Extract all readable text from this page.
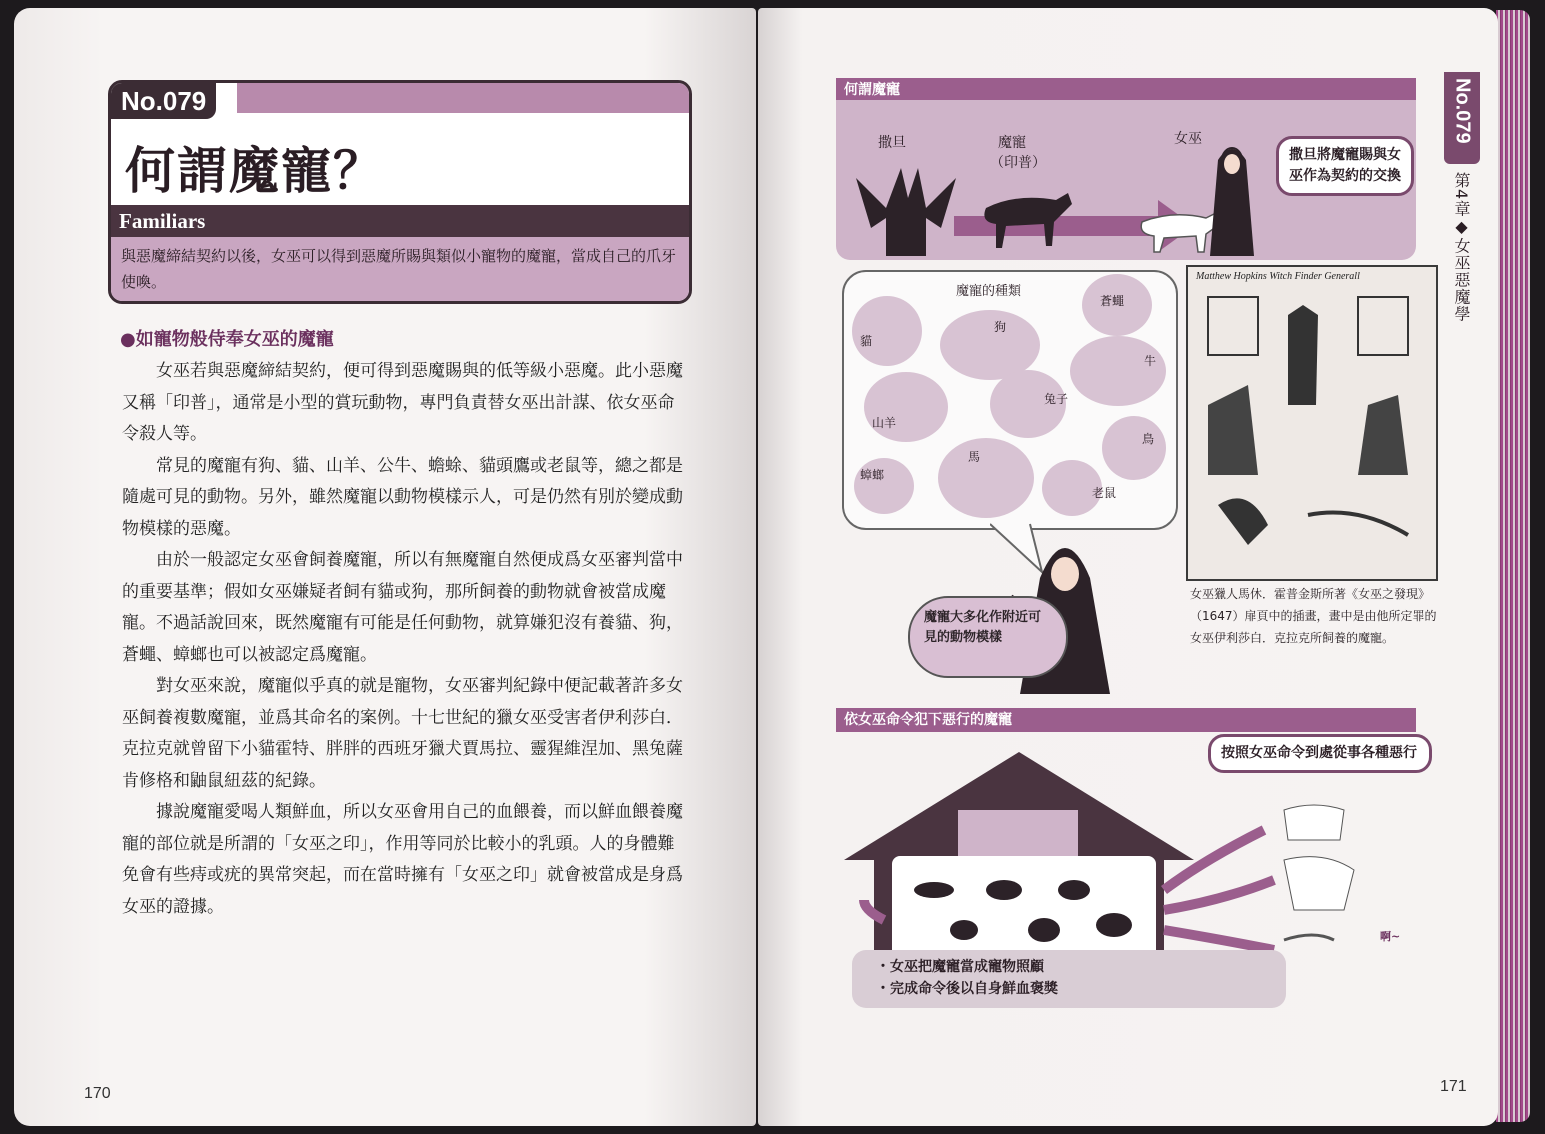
No.079
何謂魔寵？
Familiars
與惡魔締結契約以後，女巫可以得到惡魔所賜與類似小寵物的魔寵，當成自己的爪牙使喚。
●如寵物般侍奉女巫的魔寵

女巫若與惡魔締結契約，便可得到惡魔賜與的低等級小惡魔。此小惡魔又稱「印普」，通常是小型的賞玩動物，專門負責替女巫出計謀、依女巫命令殺人等。

常見的魔寵有狗、貓、山羊、公牛、蟾蜍、貓頭鷹或老鼠等，總之都是隨處可見的動物。另外，雖然魔寵以動物模樣示人，可是仍然有別於變成動物模樣的惡魔。

由於一般認定女巫會飼養魔寵，所以有無魔寵自然便成爲女巫審判當中的重要基準；假如女巫嫌疑者飼有貓或狗，那所飼養的動物就會被當成魔寵。不過話說回來，既然魔寵有可能是任何動物，就算嫌犯沒有養貓、狗，蒼蠅、蟑螂也可以被認定爲魔寵。

對女巫來說，魔寵似乎真的就是寵物，女巫審判紀錄中便記載著許多女巫飼養複數魔寵，並爲其命名的案例。十七世紀的獵女巫受害者伊利莎白．克拉克就曾留下小貓霍特、胖胖的西班牙獵犬賈馬拉、靈猩維涅加、黑兔薩肯修格和鼬鼠紐茲的紀錄。

據說魔寵愛喝人類鮮血，所以女巫會用自己的血餵養，而以鮮血餵養魔寵的部位就是所謂的「女巫之印」，作用等同於比較小的乳頭。人的身體難免會有些痔或疣的異常突起，而在當時擁有「女巫之印」就會被當成是身爲女巫的證據。

170
No.079
第4章◆女巫惡魔學
何謂魔寵
撒旦	魔寵
（印普）
女巫
撒旦將魔寵賜與女巫作為契約的交換
魔寵的種類
貓
狗
蒼蠅
牛
山羊
兔子
鳥
馬
蟑螂
老鼠
魔寵大多化作附近可見的動物模樣
Matthew Hopkins Witch Finder Generall
女巫獵人馬休．霍普金斯所著《女巫之發現》（1647）扉頁中的插畫，畫中是由他所定罪的女巫伊利莎白．克拉克所飼養的魔寵。
依女巫命令犯下惡行的魔寵
按照女巫命令到處從事各種惡行
啊~
・女巫把魔寵當成寵物照顧
・完成命令後以自身鮮血褒獎
171
